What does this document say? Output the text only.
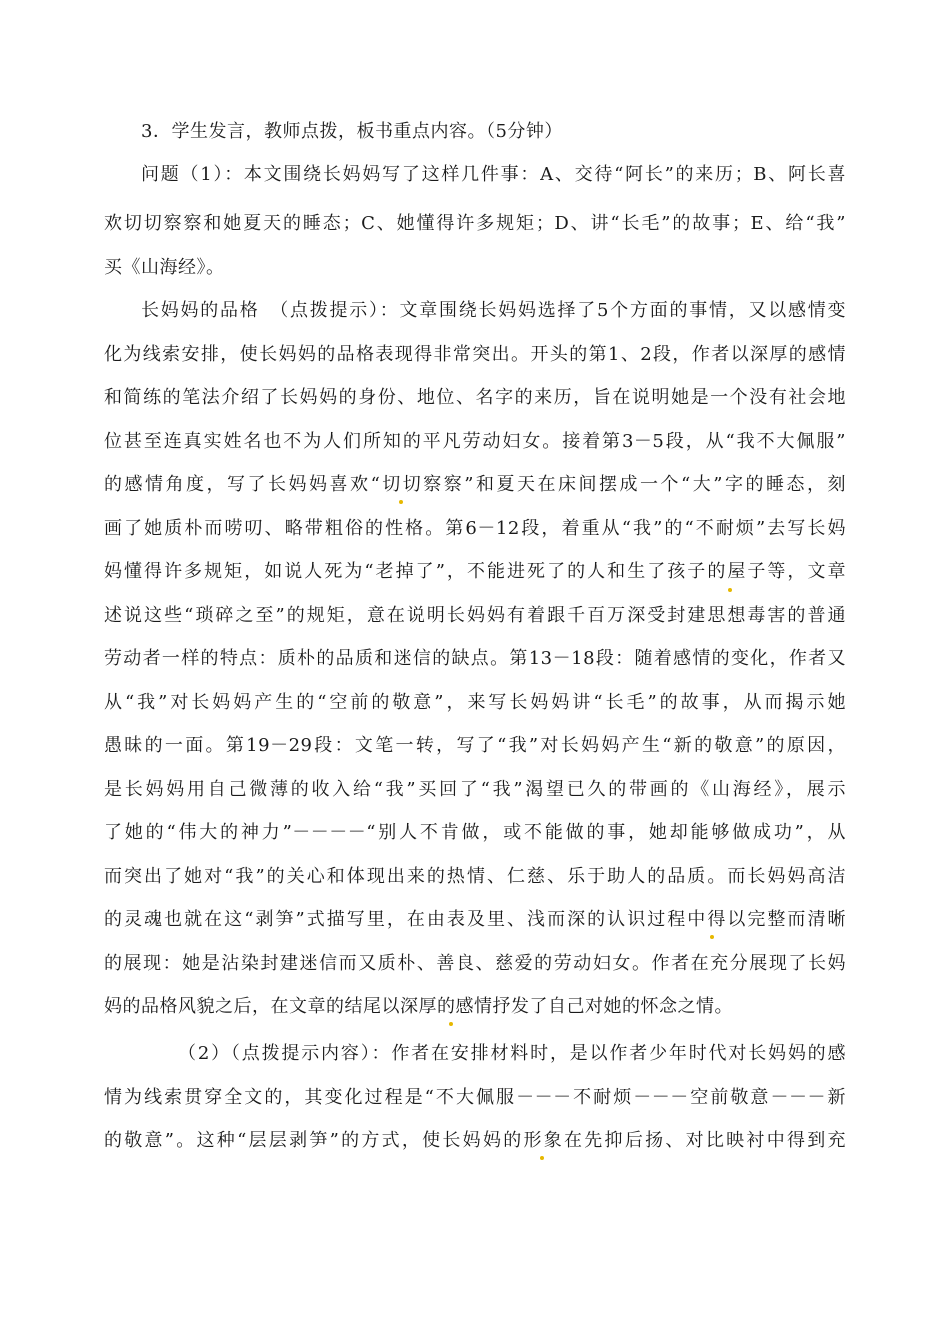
3．学生发言，教师点拨，板书重点内容。（5分钟）
问题（1）：本文围绕长妈妈写了这样几件事：A、交待“阿长”的来历；B、阿长喜
欢切切察察和她夏天的睡态；C、她懂得许多规矩；D、讲“长毛”的故事；E、给“我”
买《山海经》。
长妈妈的品格　（点拨提示）：文章围绕长妈妈选择了5个方面的事情，又以感情变
化为线索安排，使长妈妈的品格表现得非常突出。开头的第1、2段，作者以深厚的感情
和简练的笔法介绍了长妈妈的身份、地位、名字的来历，旨在说明她是一个没有社会地
位甚至连真实姓名也不为人们所知的平凡劳动妇女。接着第3－5段，从“我不大佩服”
的感情角度，写了长妈妈喜欢“切切察察”和夏天在床间摆成一个“大”字的睡态，刻
画了她质朴而唠叨、略带粗俗的性格。第6－12段，着重从“我”的“不耐烦”去写长妈
妈懂得许多规矩，如说人死为“老掉了”，不能进死了的人和生了孩子的屋子等，文章
述说这些“琐碎之至”的规矩，意在说明长妈妈有着跟千百万深受封建思想毒害的普通
劳动者一样的特点：质朴的品质和迷信的缺点。第13－18段：随着感情的变化，作者又
从“我”对长妈妈产生的“空前的敬意”，来写长妈妈讲“长毛”的故事，从而揭示她
愚昧的一面。第19－29段：文笔一转，写了“我”对长妈妈产生“新的敬意”的原因，
是长妈妈用自己微薄的收入给“我”买回了“我”渴望已久的带画的《山海经》，展示
了她的“伟大的神力”－－－－“别人不肯做，或不能做的事，她却能够做成功”，从
而突出了她对“我”的关心和体现出来的热情、仁慈、乐于助人的品质。而长妈妈高洁
的灵魂也就在这“剥笋”式描写里，在由表及里、浅而深的认识过程中得以完整而清晰
的展现：她是沾染封建迷信而又质朴、善良、慈爱的劳动妇女。作者在充分展现了长妈
妈的品格风貌之后，在文章的结尾以深厚的感情抒发了自己对她的怀念之情。
（2）（点拨提示内容）：作者在安排材料时，是以作者少年时代对长妈妈的感
情为线索贯穿全文的，其变化过程是“不大佩服－－－不耐烦－－－空前敬意－－－新
的敬意”。这种“层层剥笋”的方式，使长妈妈的形象在先抑后扬、对比映衬中得到充
